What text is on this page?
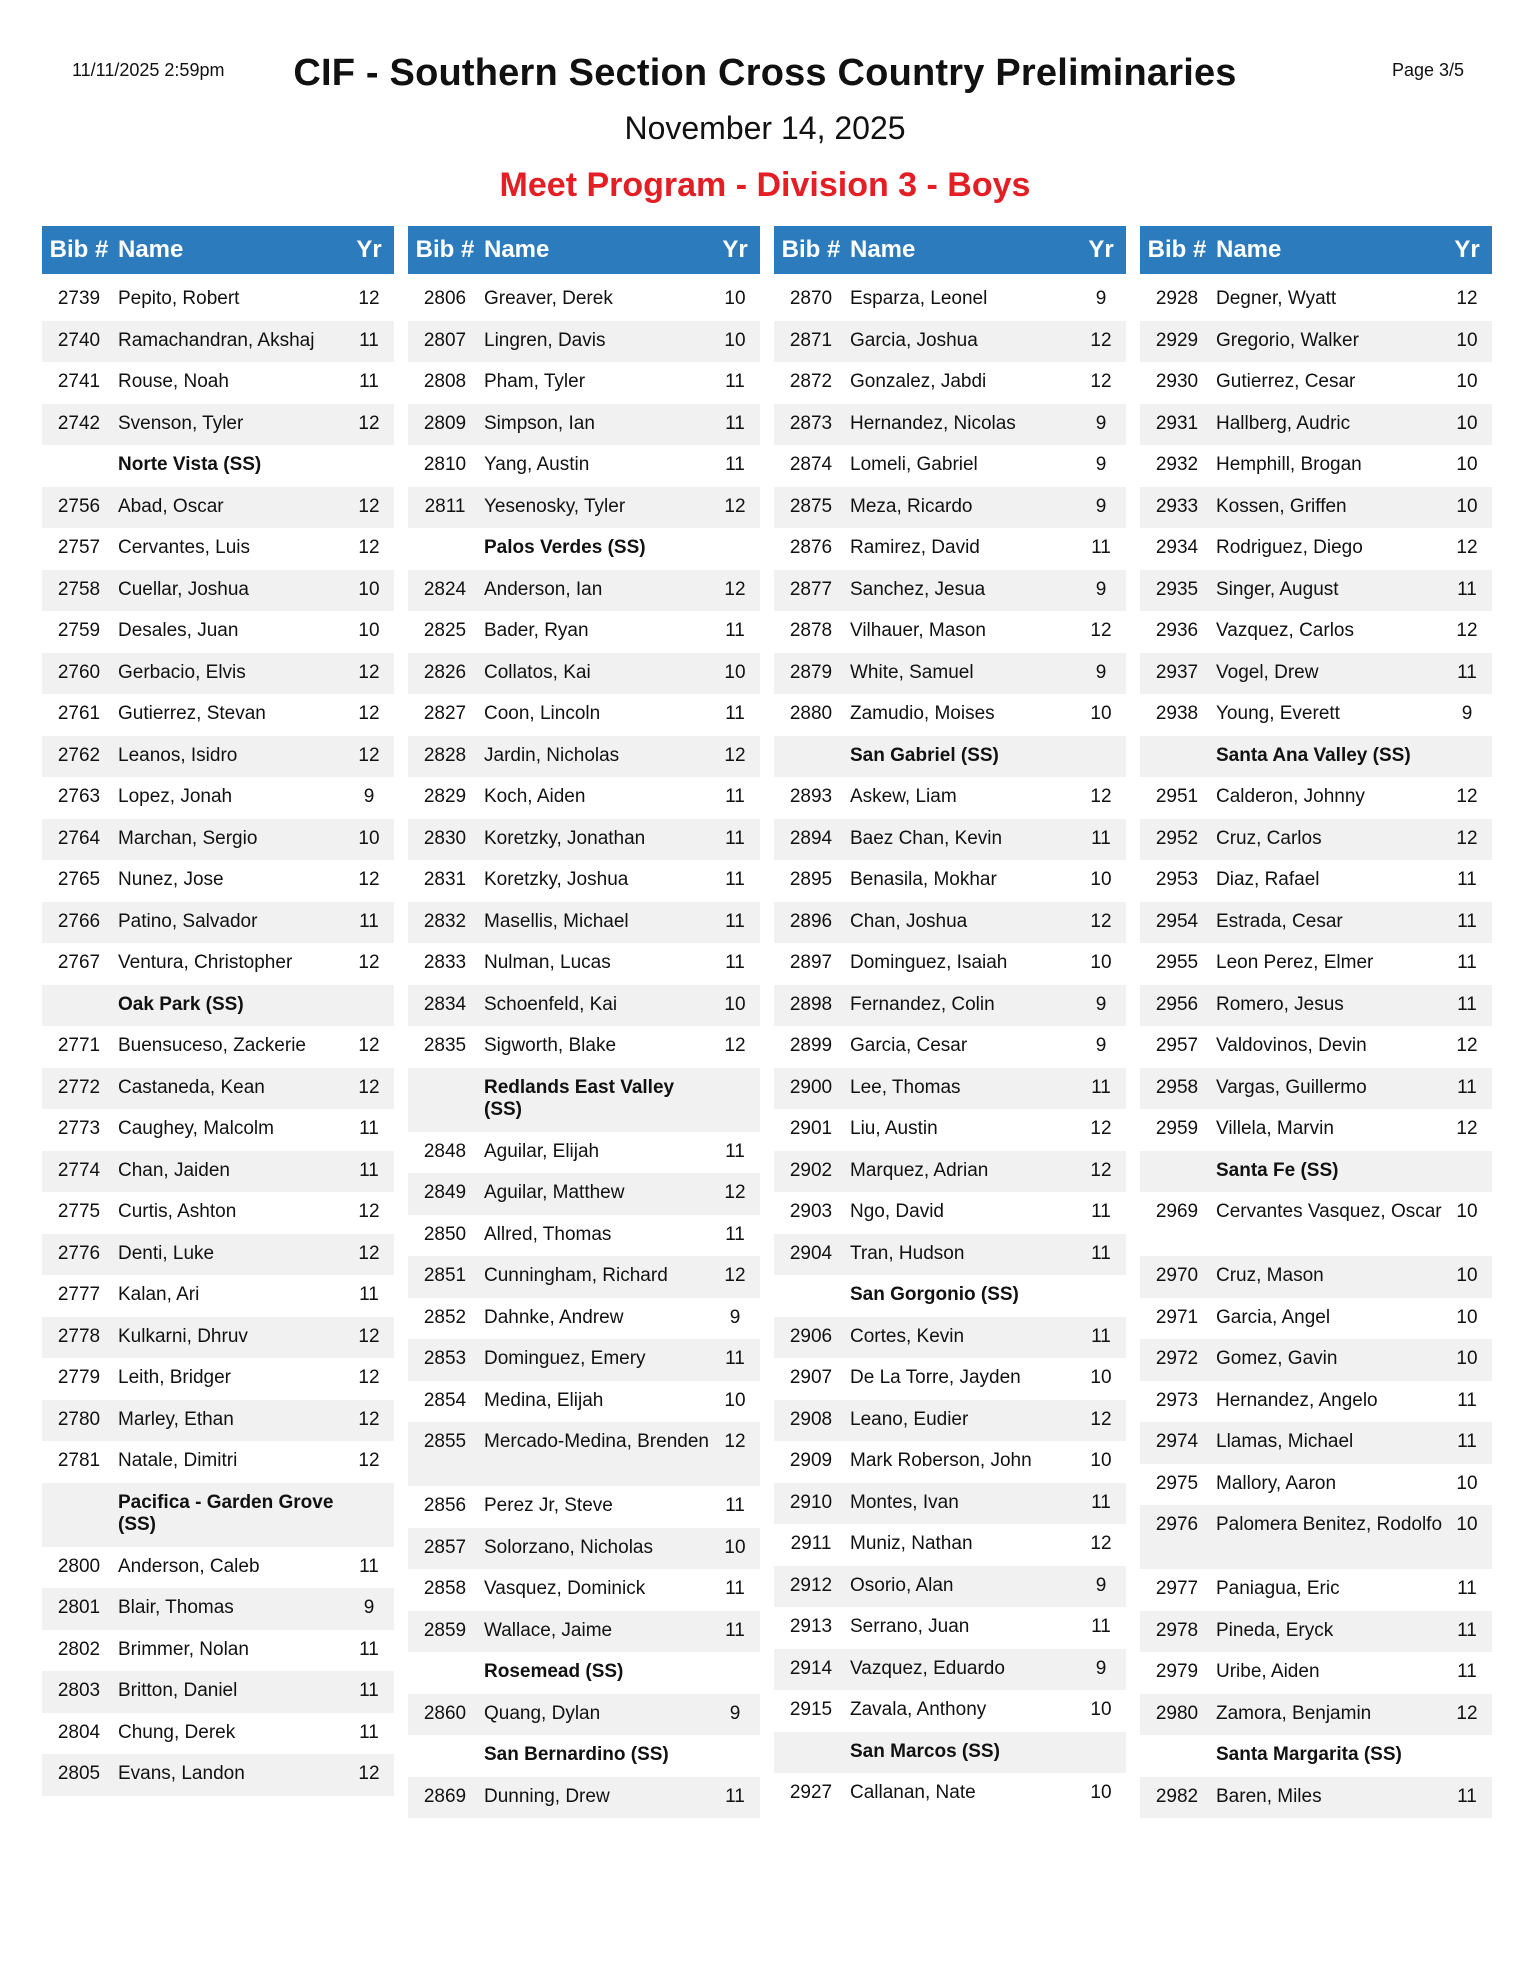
11/11/2025 2:59pm	CIF - Southern Section Cross Country Preliminaries	Page 3/5
November 14, 2025
Meet Program - Division 3 - Boys
Bib # Name	Yr
2739 Pepito, Robert	12
2740 Ramachandran, Akshaj	11
2741 Rouse, Noah	11
2742 Svenson, Tyler	12
Norte Vista (SS)
2756 Abad, Oscar	12
2757 Cervantes, Luis	12
2758 Cuellar, Joshua	10
2759 Desales, Juan	10
2760 Gerbacio, Elvis	12
2761 Gutierrez, Stevan	12
2762 Leanos, Isidro	12
2763 Lopez, Jonah	9
2764 Marchan, Sergio	10
2765 Nunez, Jose	12
2766 Patino, Salvador	11
2767 Ventura, Christopher	12
Oak Park (SS)
2771 Buensuceso, Zackerie	12
2772 Castaneda, Kean	12
2773 Caughey, Malcolm	11
2774 Chan, Jaiden	11
2775 Curtis, Ashton	12
2776 Denti, Luke	12
2777 Kalan, Ari	11
2778 Kulkarni, Dhruv	12
2779 Leith, Bridger	12
2780 Marley, Ethan	12
2781 Natale, Dimitri	12
Pacifica - Garden Grove (SS)
2800 Anderson, Caleb	11
2801 Blair, Thomas	9
2802 Brimmer, Nolan	11
2803 Britton, Daniel	11
2804 Chung, Derek	11
2805 Evans, Landon	12
Bib # Name	Yr
2806 Greaver, Derek	10
2807 Lingren, Davis	10
2808 Pham, Tyler	11
2809 Simpson, Ian	11
2810 Yang, Austin	11
2811 Yesenosky, Tyler	12
Palos Verdes (SS)
2824 Anderson, Ian	12
2825 Bader, Ryan	11
2826 Collatos, Kai	10
2827 Coon, Lincoln	11
2828 Jardin, Nicholas	12
2829 Koch, Aiden	11
2830 Koretzky, Jonathan	11
2831 Koretzky, Joshua	11
2832 Masellis, Michael	11
2833 Nulman, Lucas	11
2834 Schoenfeld, Kai	10
2835 Sigworth, Blake	12
Redlands East Valley (SS)
2848 Aguilar, Elijah	11
2849 Aguilar, Matthew	12
2850 Allred, Thomas	11
2851 Cunningham, Richard	12
2852 Dahnke, Andrew	9
2853 Dominguez, Emery	11
2854 Medina, Elijah	10
2855 Mercado-Medina, Brenden 12
2856 Perez Jr, Steve	11
2857 Solorzano, Nicholas	10
2858 Vasquez, Dominick	11
2859 Wallace, Jaime	11
Rosemead (SS)
2860 Quang, Dylan	9
San Bernardino (SS)
2869 Dunning, Drew	11
Bib # Name	Yr
2870 Esparza, Leonel	9
2871 Garcia, Joshua	12
2872 Gonzalez, Jabdi	12
2873 Hernandez, Nicolas	9
2874 Lomeli, Gabriel	9
2875 Meza, Ricardo	9
2876 Ramirez, David	11
2877 Sanchez, Jesua	9
2878 Vilhauer, Mason	12
2879 White, Samuel	9
2880 Zamudio, Moises	10
San Gabriel (SS)
2893 Askew, Liam	12
2894 Baez Chan, Kevin	11
2895 Benasila, Mokhar	10
2896 Chan, Joshua	12
2897 Dominguez, Isaiah	10
2898 Fernandez, Colin	9
2899 Garcia, Cesar	9
2900 Lee, Thomas	11
2901 Liu, Austin	12
2902 Marquez, Adrian	12
2903 Ngo, David	11
2904 Tran, Hudson	11
San Gorgonio (SS)
2906 Cortes, Kevin	11
2907 De La Torre, Jayden	10
2908 Leano, Eudier	12
2909 Mark Roberson, John	10
2910 Montes, Ivan	11
2911 Muniz, Nathan	12
2912 Osorio, Alan	9
2913 Serrano, Juan	11
2914 Vazquez, Eduardo	9
2915 Zavala, Anthony	10
San Marcos (SS)
2927 Callanan, Nate	10
Bib # Name	Yr
2928 Degner, Wyatt	12
2929 Gregorio, Walker	10
2930 Gutierrez, Cesar	10
2931 Hallberg, Audric	10
2932 Hemphill, Brogan	10
2933 Kossen, Griffen	10
2934 Rodriguez, Diego	12
2935 Singer, August	11
2936 Vazquez, Carlos	12
2937 Vogel, Drew	11
2938 Young, Everett	9
Santa Ana Valley (SS)
2951 Calderon, Johnny	12
2952 Cruz, Carlos	12
2953 Diaz, Rafael	11
2954 Estrada, Cesar	11
2955 Leon Perez, Elmer	11
2956 Romero, Jesus	11
2957 Valdovinos, Devin	12
2958 Vargas, Guillermo	11
2959 Villela, Marvin	12
Santa Fe (SS)
2969 Cervantes Vasquez, Oscar 10
2970 Cruz, Mason	10
2971 Garcia, Angel	10
2972 Gomez, Gavin	10
2973 Hernandez, Angelo	11
2974 Llamas, Michael	11
2975 Mallory, Aaron	10
2976 Palomera Benitez, Rodolfo 10
2977 Paniagua, Eric	11
2978 Pineda, Eryck	11
2979 Uribe, Aiden	11
2980 Zamora, Benjamin	12
Santa Margarita (SS)
2982 Baren, Miles	11
